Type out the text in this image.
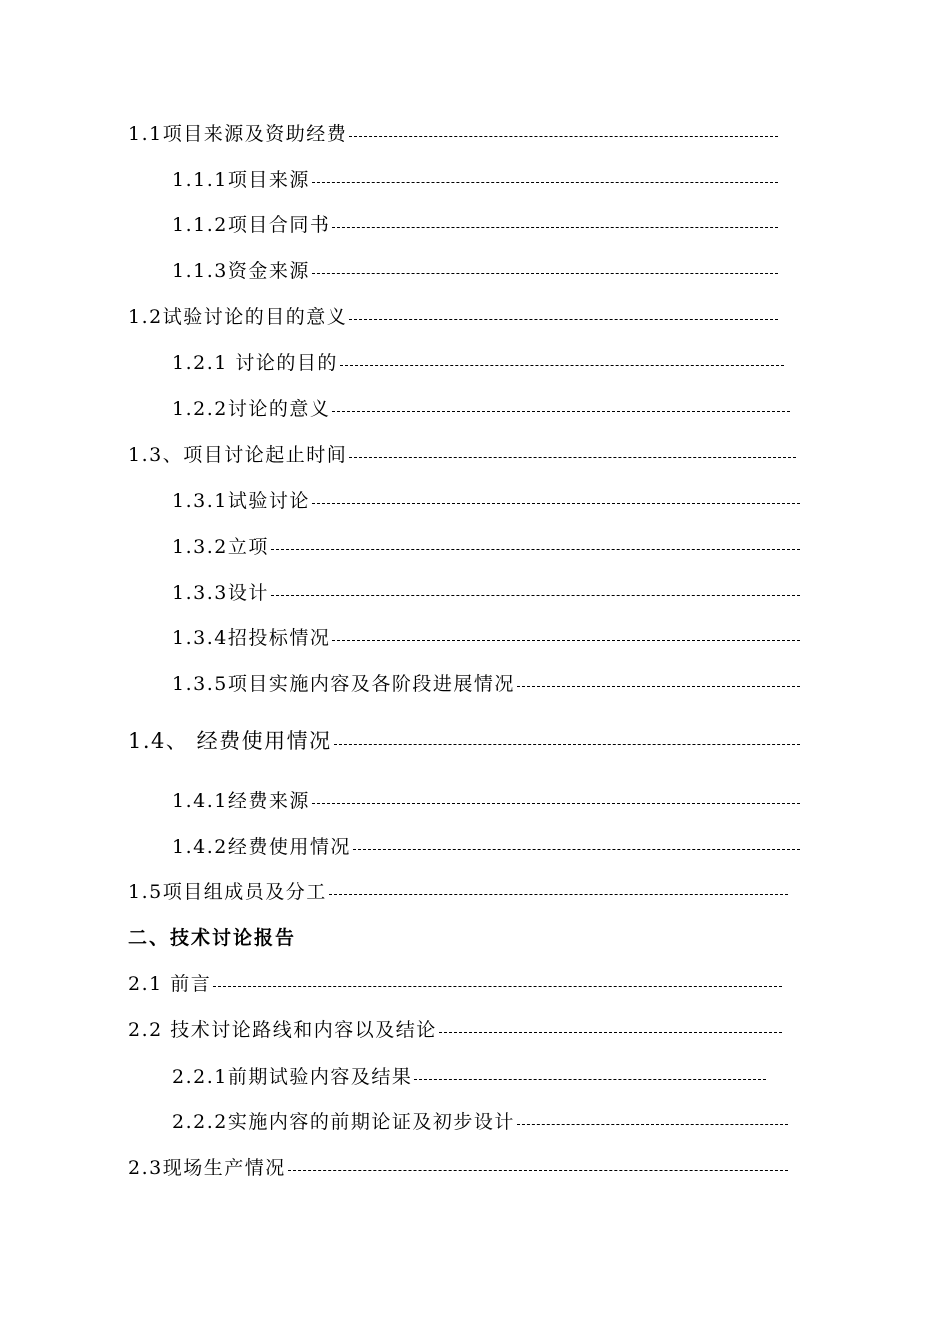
1.1项目来源及资助经费
1.1.1项目来源
1.1.2项目合同书
1.1.3资金来源
1.2试验讨论的目的意义
1.2.1 讨论的目的
1.2.2讨论的意义
1.3、项目讨论起止时间
1.3.1试验讨论
1.3.2立项
1.3.3设计
1.3.4招投标情况
1.3.5项目实施内容及各阶段进展情况
1.4、 经费使用情况
1.4.1经费来源
1.4.2经费使用情况
1.5项目组成员及分工
二、技术讨论报告
2.1 前言
2.2 技术讨论路线和内容以及结论
2.2.1前期试验内容及结果
2.2.2实施内容的前期论证及初步设计
2.3现场生产情况
